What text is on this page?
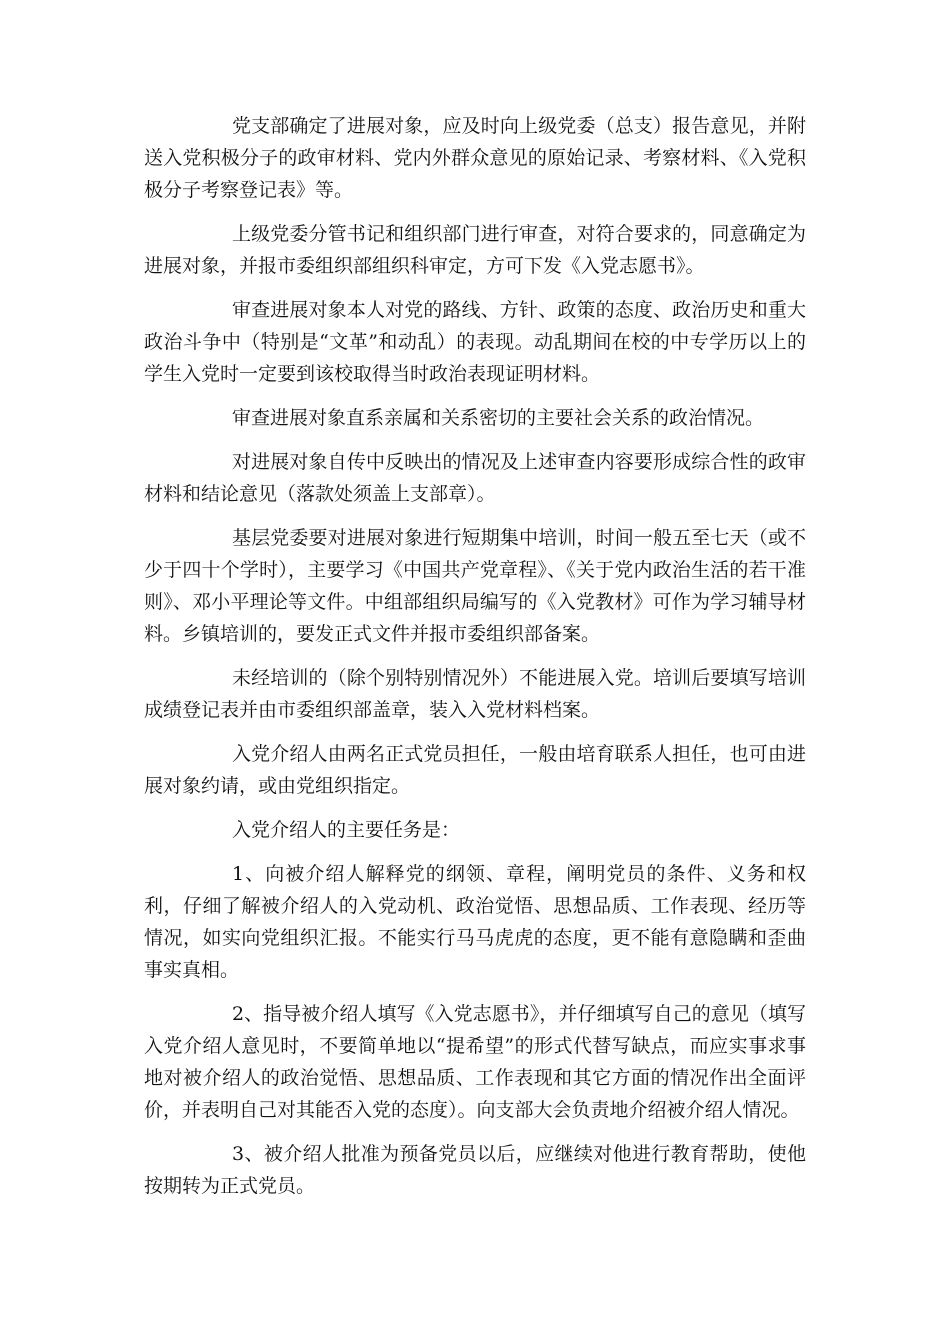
党支部确定了进展对象，应及时向上级党委（总支）报告意见，并附送入党积极分子的政审材料、党内外群众意见的原始记录、考察材料、《入党积极分子考察登记表》等。

上级党委分管书记和组织部门进行审查，对符合要求的，同意确定为进展对象，并报市委组织部组织科审定，方可下发《入党志愿书》。

审查进展对象本人对党的路线、方针、政策的态度、政治历史和重大政治斗争中（特别是“文革”和动乱）的表现。动乱期间在校的中专学历以上的学生入党时一定要到该校取得当时政治表现证明材料。

审查进展对象直系亲属和关系密切的主要社会关系的政治情况。

对进展对象自传中反映出的情况及上述审查内容要形成综合性的政审材料和结论意见（落款处须盖上支部章）。

基层党委要对进展对象进行短期集中培训，时间一般五至七天（或不少于四十个学时），主要学习《中国共产党章程》、《关于党内政治生活的若干准则》、邓小平理论等文件。中组部组织局编写的《入党教材》可作为学习辅导材料。乡镇培训的，要发正式文件并报市委组织部备案。

未经培训的（除个别特别情况外）不能进展入党。培训后要填写培训成绩登记表并由市委组织部盖章，装入入党材料档案。

入党介绍人由两名正式党员担任，一般由培育联系人担任，也可由进展对象约请，或由党组织指定。

入党介绍人的主要任务是：

1、向被介绍人解释党的纲领、章程，阐明党员的条件、义务和权利，仔细了解被介绍人的入党动机、政治觉悟、思想品质、工作表现、经历等情况，如实向党组织汇报。不能实行马马虎虎的态度，更不能有意隐瞒和歪曲事实真相。

2、指导被介绍人填写《入党志愿书》，并仔细填写自己的意见（填写入党介绍人意见时，不要简单地以“提希望”的形式代替写缺点，而应实事求事地对被介绍人的政治觉悟、思想品质、工作表现和其它方面的情况作出全面评价，并表明自己对其能否入党的态度）。向支部大会负责地介绍被介绍人情况。

3、被介绍人批准为预备党员以后，应继续对他进行教育帮助，使他按期转为正式党员。
